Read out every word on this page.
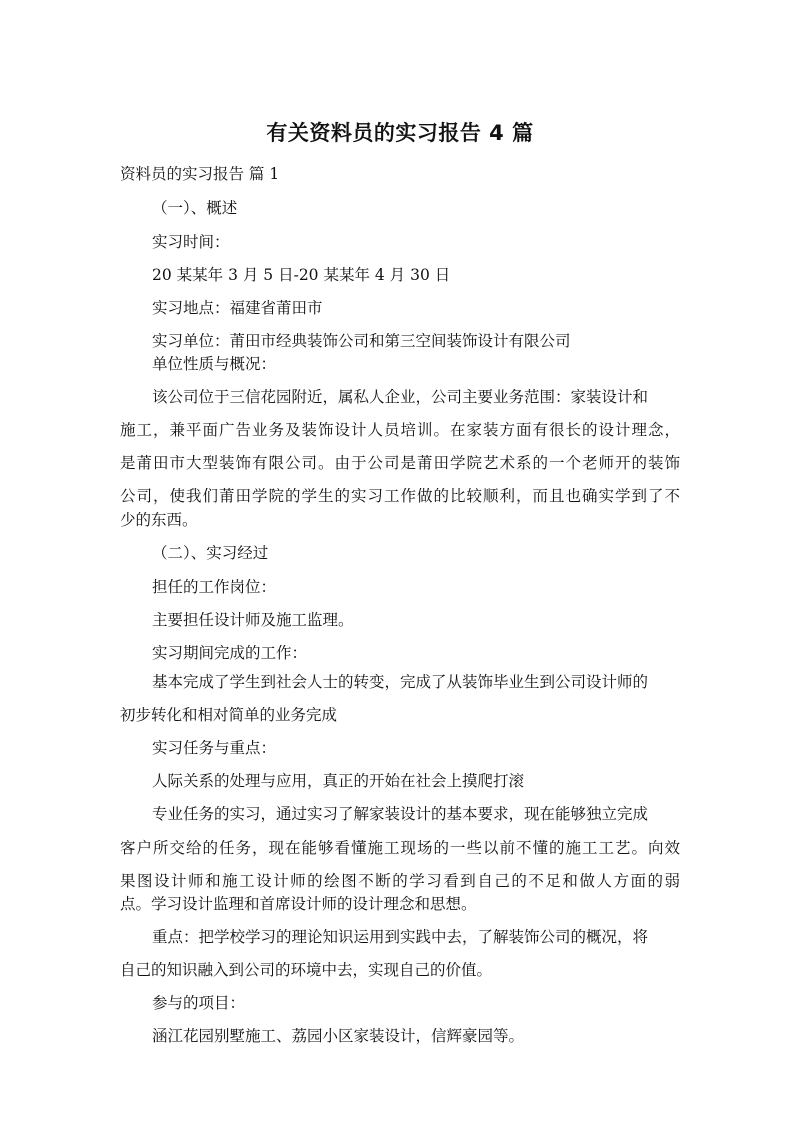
有关资料员的实习报告 4 篇

资料员的实习报告 篇 1

（一）、概述

实习时间：

20 某某年 3 月 5 日-20 某某年 4 月 30 日

实习地点：福建省莆田市

实习单位：莆田市经典装饰公司和第三空间装饰设计有限公司

单位性质与概况：

该公司位于三信花园附近，属私人企业，公司主要业务范围：家装设计和

施工，兼平面广告业务及装饰设计人员培训。在家装方面有很长的设计理念，

是莆田市大型装饰有限公司。由于公司是莆田学院艺术系的一个老师开的装饰

公司，使我们莆田学院的学生的实习工作做的比较顺利，而且也确实学到了不

少的东西。

（二）、实习经过

担任的工作岗位：

主要担任设计师及施工监理。

实习期间完成的工作：

基本完成了学生到社会人士的转变，完成了从装饰毕业生到公司设计师的

初步转化和相对简单的业务完成

实习任务与重点：

人际关系的处理与应用，真正的开始在社会上摸爬打滚

专业任务的实习，通过实习了解家装设计的基本要求，现在能够独立完成

客户所交给的任务，现在能够看懂施工现场的一些以前不懂的施工工艺。向效

果图设计师和施工设计师的绘图不断的学习看到自己的不足和做人方面的弱

点。学习设计监理和首席设计师的设计理念和思想。

重点：把学校学习的理论知识运用到实践中去，了解装饰公司的概况，将

自己的知识融入到公司的环境中去，实现自己的价值。

参与的项目：

涵江花园别墅施工、荔园小区家装设计，信辉豪园等。
